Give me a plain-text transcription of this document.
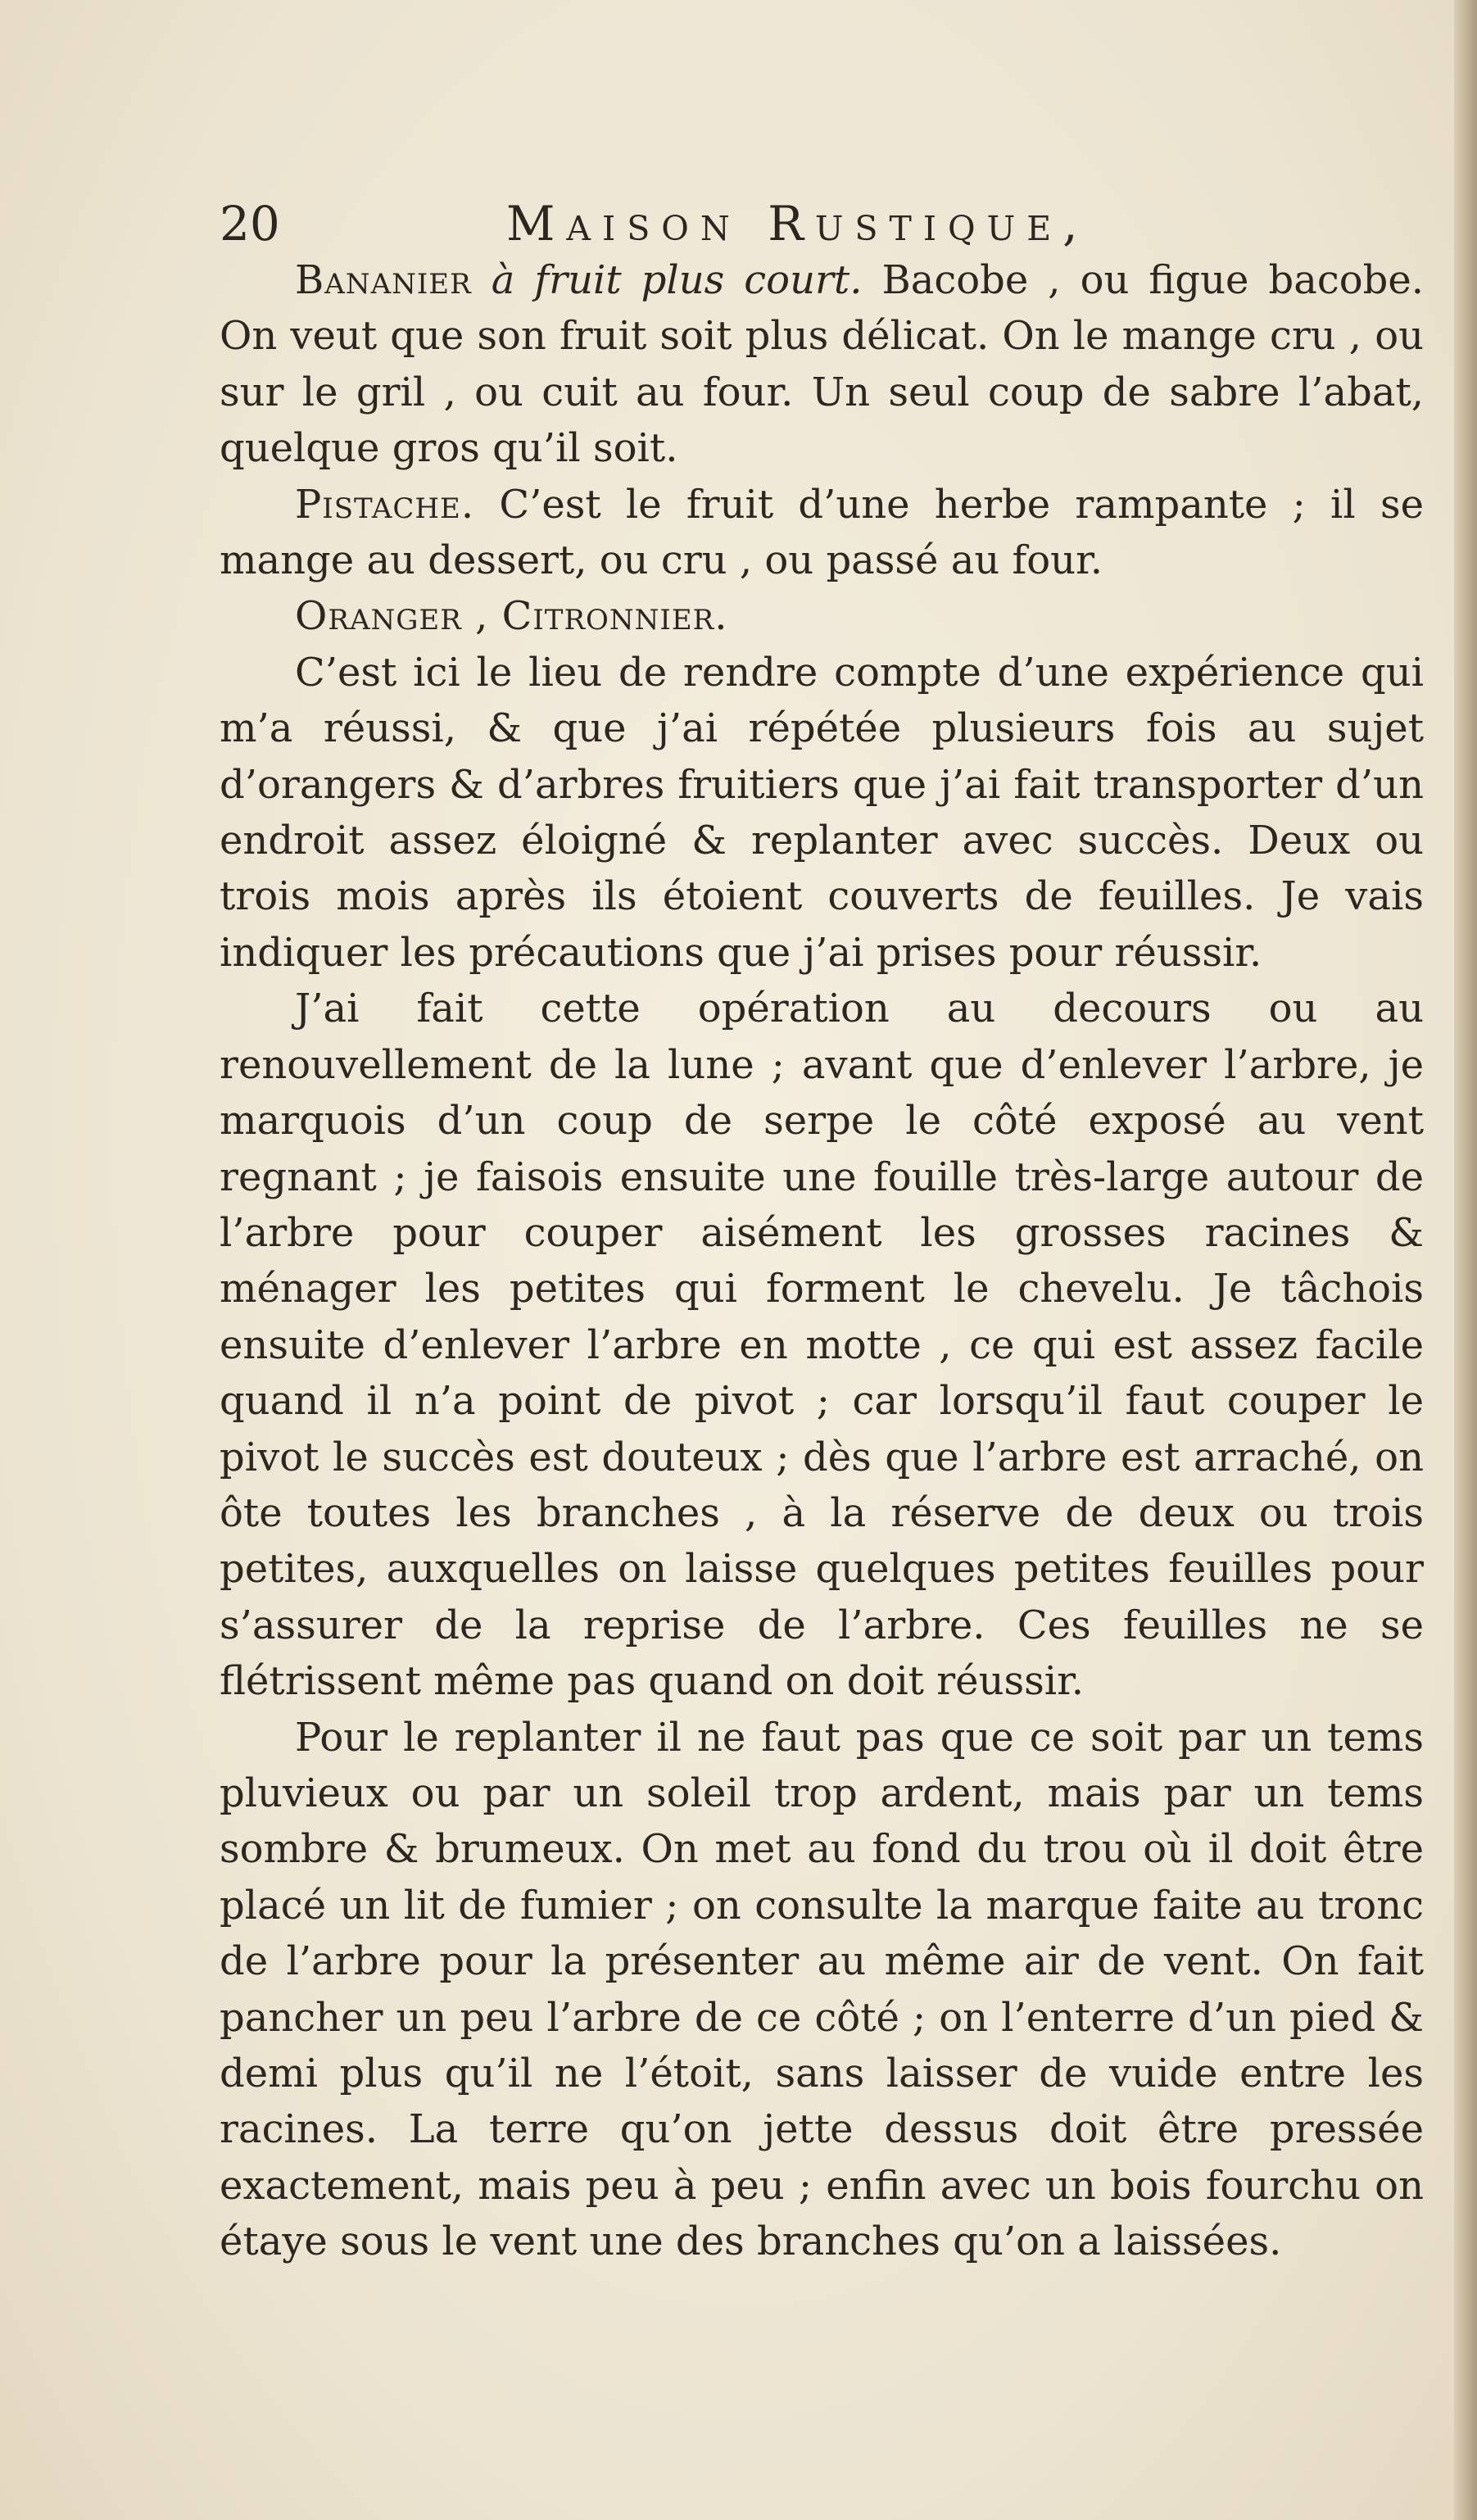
20	Maison Rustique,

Bananier à fruit plus court. Bacobe , ou figue bacobe. On veut que son fruit soit plus délicat. On le mange cru , ou sur le gril , ou cuit au four. Un seul coup de sabre l’abat, quelque gros qu’il soit.

Pistache. C’est le fruit d’une herbe rampante ; il se mange au dessert, ou cru , ou passé au four.

Oranger , Citronnier.

C’est ici le lieu de rendre compte d’une expérience qui m’a réussi, & que j’ai répétée plusieurs fois au sujet d’orangers & d’arbres fruitiers que j’ai fait transporter d’un endroit assez éloigné & replanter avec succès. Deux ou trois mois après ils étoient couverts de feuilles. Je vais indiquer les précautions que j’ai prises pour réussir.

J’ai fait cette opération au decours ou au renouvellement de la lune ; avant que d’enlever l’arbre, je marquois d’un coup de serpe le côté exposé au vent regnant ; je faisois ensuite une fouille très-large autour de l’arbre pour couper aisément les grosses racines & ménager les petites qui forment le chevelu. Je tâchois ensuite d’enlever l’arbre en motte , ce qui est assez facile quand il n’a point de pivot ; car lorsqu’il faut couper le pivot le succès est douteux ; dès que l’arbre est arraché, on ôte toutes les branches , à la réserve de deux ou trois petites, auxquelles on laisse quelques petites feuilles pour s’assurer de la reprise de l’arbre. Ces feuilles ne se flétrissent même pas quand on doit réussir.

Pour le replanter il ne faut pas que ce soit par un tems pluvieux ou par un soleil trop ardent, mais par un tems sombre & brumeux. On met au fond du trou où il doit être placé un lit de fumier ; on consulte la marque faite au tronc de l’arbre pour la présenter au même air de vent. On fait pancher un peu l’arbre de ce côté ; on l’enterre d’un pied & demi plus qu’il ne l’étoit, sans laisser de vuide entre les racines. La terre qu’on jette dessus doit être pressée exactement, mais peu à peu ; enfin avec un bois fourchu on étaye sous le vent une des branches qu’on a laissées.
